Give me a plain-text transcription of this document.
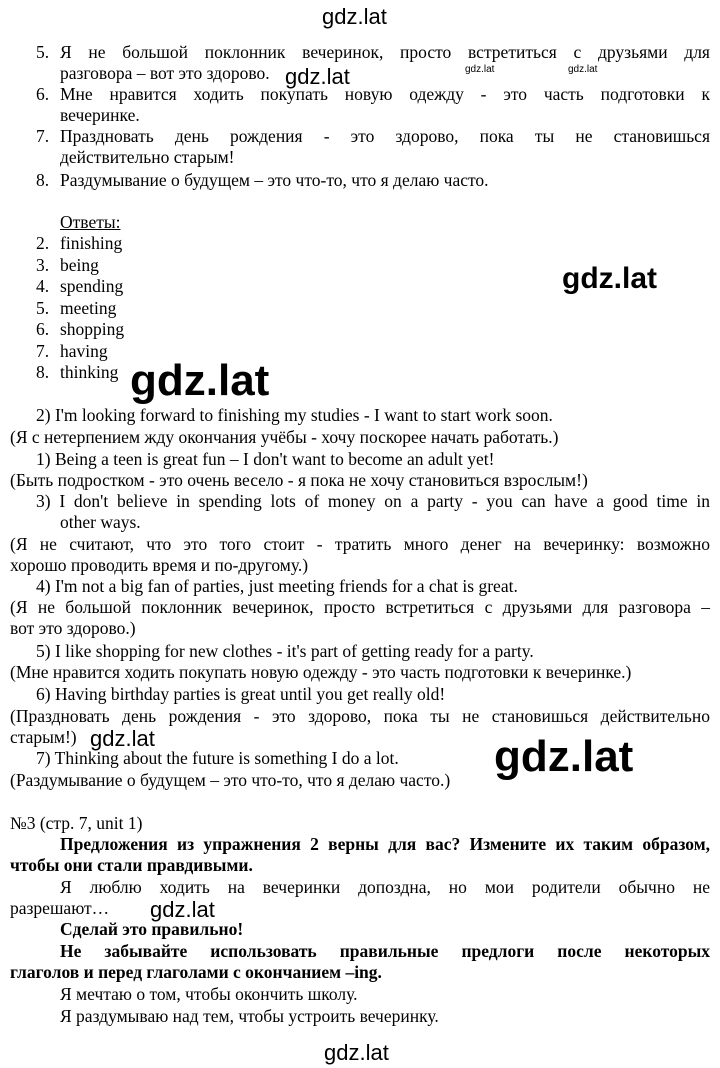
gdz.lat
gdz.lat	gdz.lat	gdz.lat
5. Я не большой поклонник вечеринок, просто встретиться с друзьями для
разговора – вот это здорово.
6. Мне нравится ходить покупать новую одежду - это часть подготовки к
вечеринке.
7. Праздновать день рождения - это здорово, пока ты не становишься
действительно старым!
8. Раздумывание о будущем – это что-то, что я делаю часто.
Ответы:
2. finishing
3. being
4. spending
5. meeting
6. shopping
7. having
8. thinking
gdz.lat
gdz.lat
2) I'm looking forward to finishing my studies - I want to start work soon.
(Я с нетерпением жду окончания учёбы - хочу поскорее начать работать.)
1) Being a teen is great fun – I don't want to become an adult yet!
(Быть подростком - это очень весело - я пока не хочу становиться взрослым!)
3) I don't believe in spending lots of money on a party - you can have a good time in
other ways.
(Я не считают, что это того стоит - тратить много денег на вечеринку: возможно
хорошо проводить время и по-другому.)
4) I'm not a big fan of parties, just meeting friends for a chat is great.
(Я не большой поклонник вечеринок, просто встретиться с друзьями для разговора –
вот это здорово.)
5) I like shopping for new clothes - it's part of getting ready for a party.
(Мне нравится ходить покупать новую одежду - это часть подготовки к вечеринке.)
6) Having birthday parties is great until you get really old!
(Праздновать день рождения - это здорово, пока ты не становишься действительно
старым!) gdz.lat
7) Thinking about the future is something I do a lot.
(Раздумывание о будущем – это что-то, что я делаю часто.) gdz.lat
№3 (стр. 7, unit 1)
Предложения из упражнения 2 верны для вас? Измените их таким образом,
чтобы они стали правдивыми.
Я люблю ходить на вечеринки допоздна, но мои родители обычно не
разрешают… gdz.lat
Сделай это правильно!
Не забывайте использовать правильные предлоги после некоторых
глаголов и перед глаголами с окончанием –ing.
Я мечтаю о том, чтобы окончить школу.
Я раздумываю над тем, чтобы устроить вечеринку.
gdz.lat
